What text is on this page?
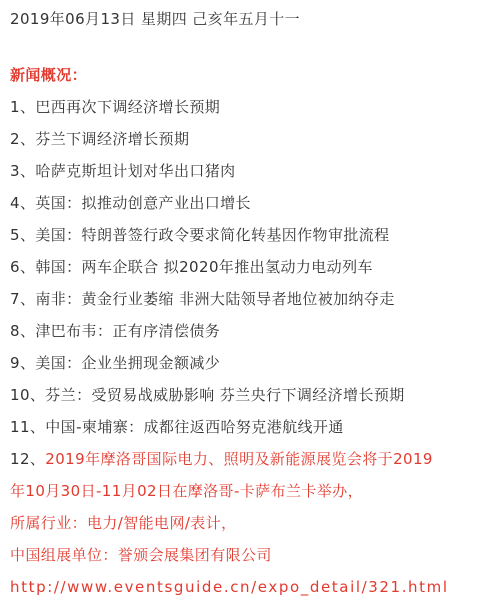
2019年06月13日 星期四 己亥年五月十一
新闻概况：
1、巴西再次下调经济增长预期
2、芬兰下调经济增长预期
3、哈萨克斯坦计划对华出口猪肉
4、英国：拟推动创意产业出口增长
5、美国：特朗普签行政令要求简化转基因作物审批流程
6、韩国：两车企联合 拟2020年推出氢动力电动列车
7、南非：黄金行业萎缩 非洲大陆领导者地位被加纳夺走
8、津巴布韦：正有序清偿债务
9、美国：企业坐拥现金额减少
10、芬兰：受贸易战威胁影响 芬兰央行下调经济增长预期
11、中国-柬埔寨：成都往返西哈努克港航线开通
12、2019年摩洛哥国际电力、照明及新能源展览会将于2019
年10月30日-11月02日在摩洛哥-卡萨布兰卡举办，
所属行业：电力/智能电网/表计，
中国组展单位：誉颁会展集团有限公司
http://www.eventsguide.cn/expo_detail/321.html
